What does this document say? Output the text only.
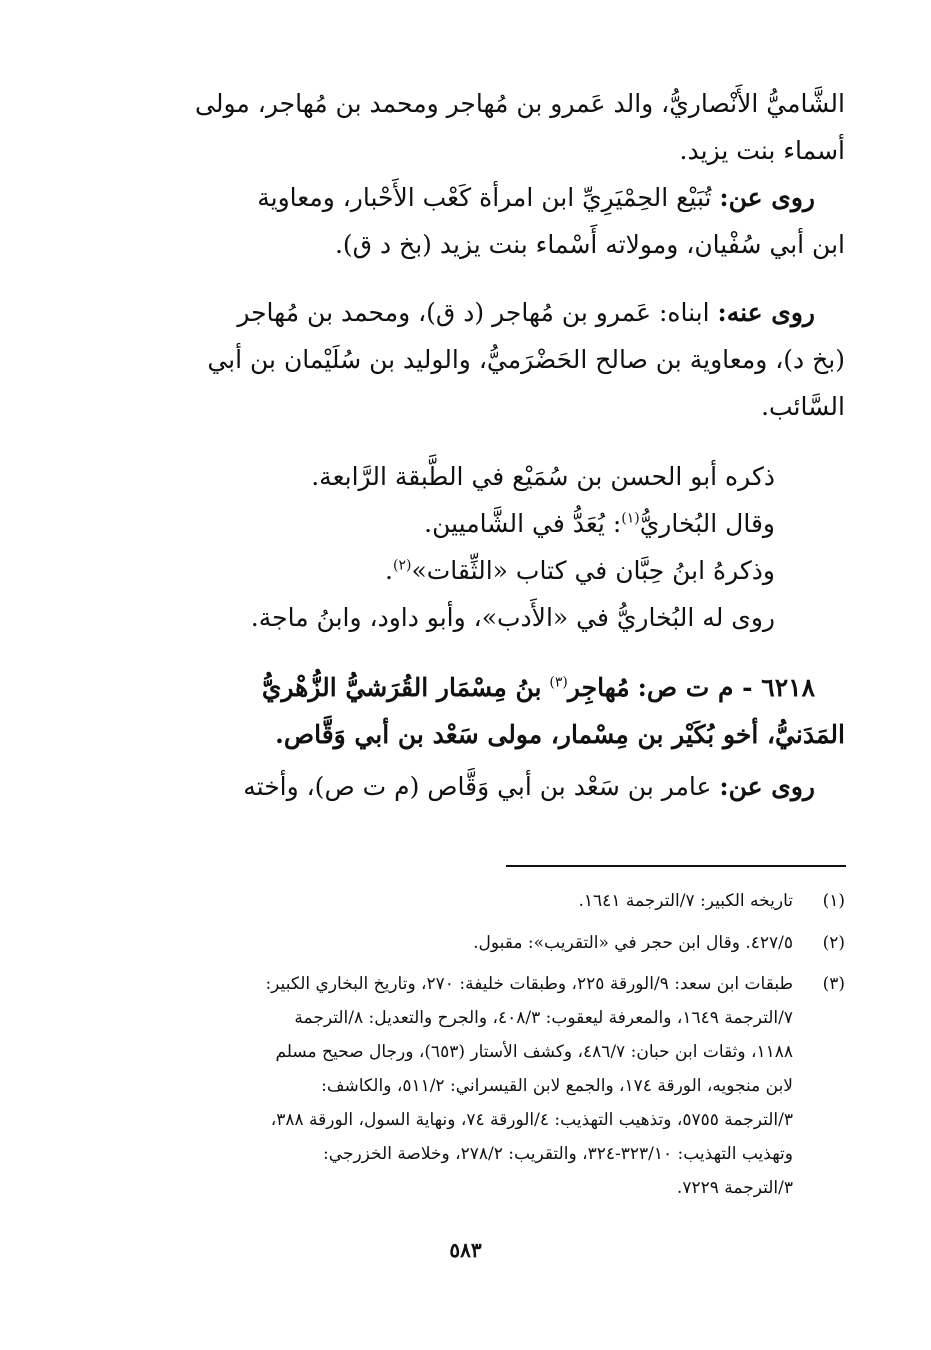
الشَّاميُّ الأَنْصاريُّ، والد عَمرو بن مُهاجر ومحمد بن مُهاجر، مولى
أسماء بنت يزيد.

روى عن: تُبَيْع الحِمْيَرِيِّ ابن امرأة كَعْب الأَحْبار، ومعاوية
ابن أبي سُفْيان، ومولاته أَسْماء بنت يزيد (بخ د ق).

روى عنه: ابناه: عَمرو بن مُهاجر (د ق)، ومحمد بن مُهاجر
(بخ د)، ومعاوية بن صالح الحَضْرَميُّ، والوليد بن سُلَيْمان بن أبي
السَّائب.

ذكره أبو الحسن بن سُمَيْع في الطَّبقة الرَّابعة.
وقال البُخاريُّ$^{(١)}$: يُعَدُّ في الشَّاميين.
وذكرهُ ابنُ حِبَّان في كتاب «الثِّقات»$^{(٢)}$.
روى له البُخاريُّ في «الأَدب»، وأبو داود، وابنُ ماجة.

٦٢١٨ - م ت ص: مُهاجِر$^{(٣)}$ بنُ مِسْمَار القُرَشيُّ الزُّهْريُّ
المَدَنيُّ، أخو بُكَيْر بن مِسْمار، مولى سَعْد بن أبي وَقَّاص.

روى عن: عامر بن سَعْد بن أبي وَقَّاص (م ت ص)، وأخته

(١)
تاريخه الكبير: ٧/الترجمة ١٦٤١.
(٢)
٤٢٧/٥. وقال ابن حجر في «التقريب»: مقبول.
(٣)
طبقات ابن سعد: ٩/الورقة ٢٢٥، وطبقات خليفة: ٢٧٠، وتاريخ البخاري الكبير:
٧/الترجمة ١٦٤٩، والمعرفة ليعقوب: ٤٠٨/٣، والجرح والتعديل: ٨/الترجمة
١١٨٨، وثقات ابن حبان: ٤٨٦/٧، وكشف الأستار (٦٥٣)، ورجال صحيح مسلم
لابن منجويه، الورقة ١٧٤، والجمع لابن القيسراني: ٥١١/٢، والكاشف:
٣/الترجمة ٥٧٥٥، وتذهيب التهذيب: ٤/الورقة ٧٤، ونهاية السول، الورقة ٣٨٨،
وتهذيب التهذيب: ٣٢٣/١٠-٣٢٤، والتقريب: ٢٧٨/٢، وخلاصة الخزرجي:
٣/الترجمة ٧٢٢٩.
٥٨٣
